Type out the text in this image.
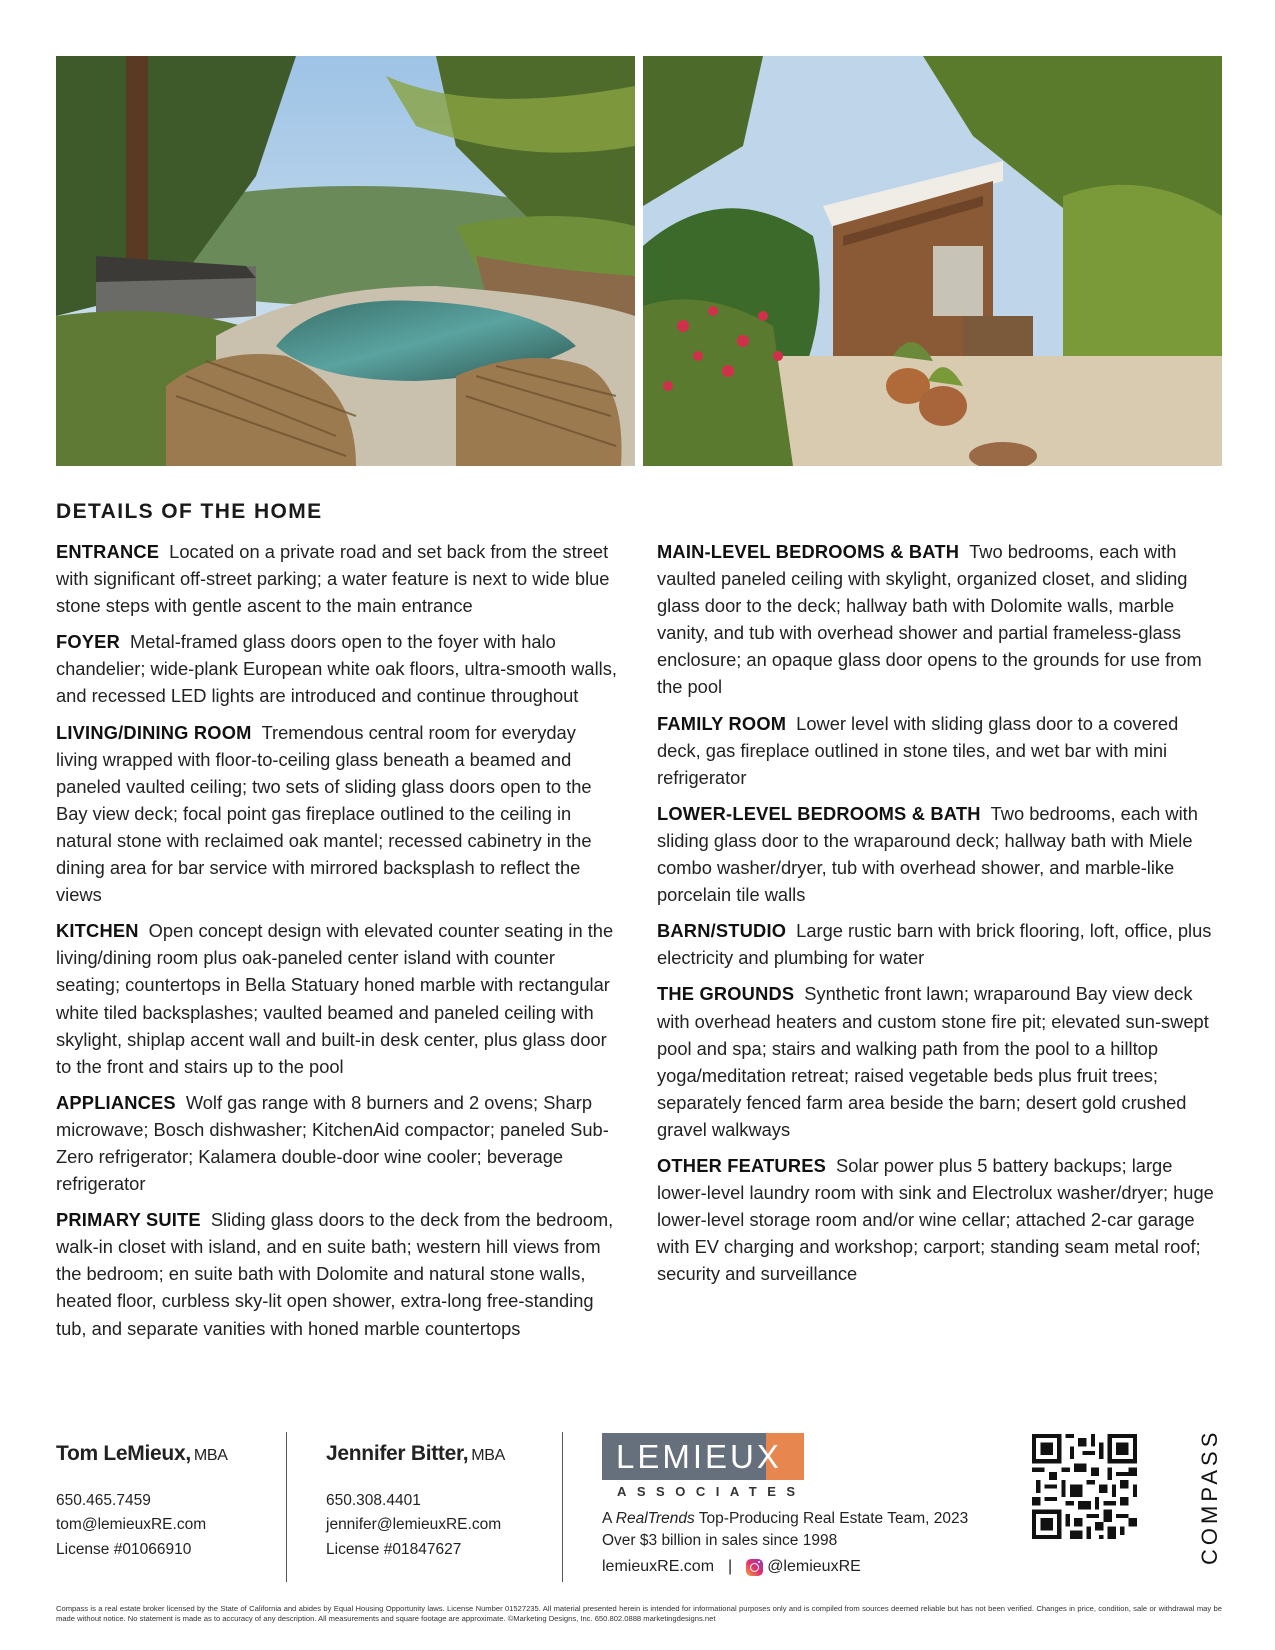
DETAILS OF THE HOME

ENTRANCE Located on a private road and set back from the street with significant off-street parking; a water feature is next to wide blue stone steps with gentle ascent to the main entrance

FOYER Metal-framed glass doors open to the foyer with halo chandelier; wide-plank European white oak floors, ultra-smooth walls, and recessed LED lights are introduced and continue throughout

LIVING/DINING ROOM Tremendous central room for everyday living wrapped with floor-to-ceiling glass beneath a beamed and paneled vaulted ceiling; two sets of sliding glass doors open to the Bay view deck; focal point gas fireplace outlined to the ceiling in natural stone with reclaimed oak mantel; recessed cabinetry in the dining area for bar service with mirrored backsplash to reflect the views

KITCHEN Open concept design with elevated counter seating in the living/dining room plus oak-paneled center island with counter seating; countertops in Bella Statuary honed marble with rectangular white tiled backsplashes; vaulted beamed and paneled ceiling with skylight, shiplap accent wall and built-in desk center, plus glass door to the front and stairs up to the pool

APPLIANCES Wolf gas range with 8 burners and 2 ovens; Sharp microwave; Bosch dishwasher; KitchenAid compactor; paneled Sub-Zero refrigerator; Kalamera double-door wine cooler; beverage refrigerator

PRIMARY SUITE Sliding glass doors to the deck from the bedroom, walk-in closet with island, and en suite bath; western hill views from the bedroom; en suite bath with Dolomite and natural stone walls, heated floor, curbless sky-lit open shower, extra-long free-standing tub, and separate vanities with honed marble countertops

MAIN-LEVEL BEDROOMS & BATH Two bedrooms, each with vaulted paneled ceiling with skylight, organized closet, and sliding glass door to the deck; hallway bath with Dolomite walls, marble vanity, and tub with overhead shower and partial frameless-glass enclosure; an opaque glass door opens to the grounds for use from the pool

FAMILY ROOM Lower level with sliding glass door to a covered deck, gas fireplace outlined in stone tiles, and wet bar with mini refrigerator

LOWER-LEVEL BEDROOMS & BATH Two bedrooms, each with sliding glass door to the wraparound deck; hallway bath with Miele combo washer/dryer, tub with overhead shower, and marble-like porcelain tile walls

BARN/STUDIO Large rustic barn with brick flooring, loft, office, plus electricity and plumbing for water

THE GROUNDS Synthetic front lawn; wraparound Bay view deck with overhead heaters and custom stone fire pit; elevated sun-swept pool and spa; stairs and walking path from the pool to a hilltop yoga/meditation retreat; raised vegetable beds plus fruit trees; separately fenced farm area beside the barn; desert gold crushed gravel walkways

OTHER FEATURES Solar power plus 5 battery backups; large lower-level laundry room with sink and Electrolux washer/dryer; huge lower-level storage room and/or wine cellar; attached 2-car garage with EV charging and workshop; carport; standing seam metal roof; security and surveillance

Tom LeMieux, MBA
650.465.7459
tom@lemieuxRE.com
License #01066910
Jennifer Bitter, MBA
650.308.4401
jennifer@lemieuxRE.com
License #01847627
LEMIEUX
ASSOCIATES
A RealTrends Top-Producing Real Estate Team, 2023
Over $3 billion in sales since 1998
lemieuxRE.com | @lemieuxRE
COMPASS
Compass is a real estate broker licensed by the State of California and abides by Equal Housing Opportunity laws. License Number 01527235. All material presented herein is intended for informational purposes only and is compiled from sources deemed reliable but has not been verified. Changes in price, condition, sale or withdrawal may be made without notice. No statement is made as to accuracy of any description. All measurements and square footage are approximate. ©Marketing Designs, Inc. 650.802.0888 marketingdesigns.net
